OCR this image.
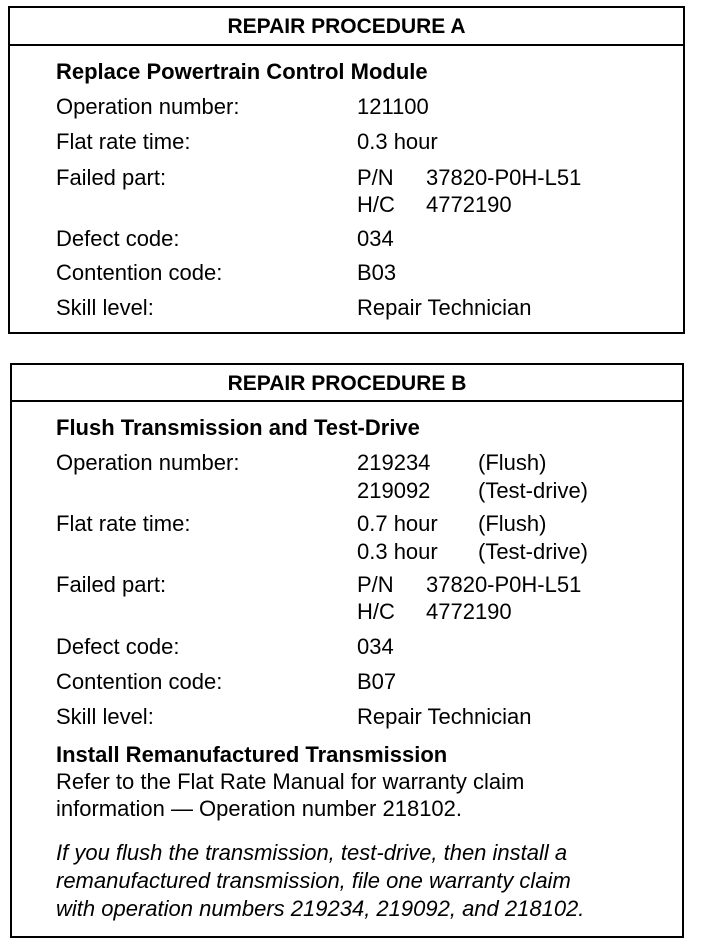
REPAIR PROCEDURE A
Replace Powertrain Control Module
Operation number:	121100
Flat rate time:	0.3 hour
Failed part:	P/N 37820-P0H-L51
H/C 4772190
Defect code:	034
Contention code:	B03
Skill level:	Repair Technician
REPAIR PROCEDURE B
Flush Transmission and Test-Drive
Operation number:	219234 (Flush)
219092 (Test-drive)
Flat rate time:	0.7 hour (Flush)
0.3 hour (Test-drive)
Failed part:	P/N 37820-P0H-L51
H/C 4772190
Defect code:	034
Contention code:	B07
Skill level:	Repair Technician
Install Remanufactured Transmission
Refer to the Flat Rate Manual for warranty claim
information — Operation number 218102.
If you flush the transmission, test-drive, then install a
remanufactured transmission, file one warranty claim
with operation numbers 219234, 219092, and 218102.
